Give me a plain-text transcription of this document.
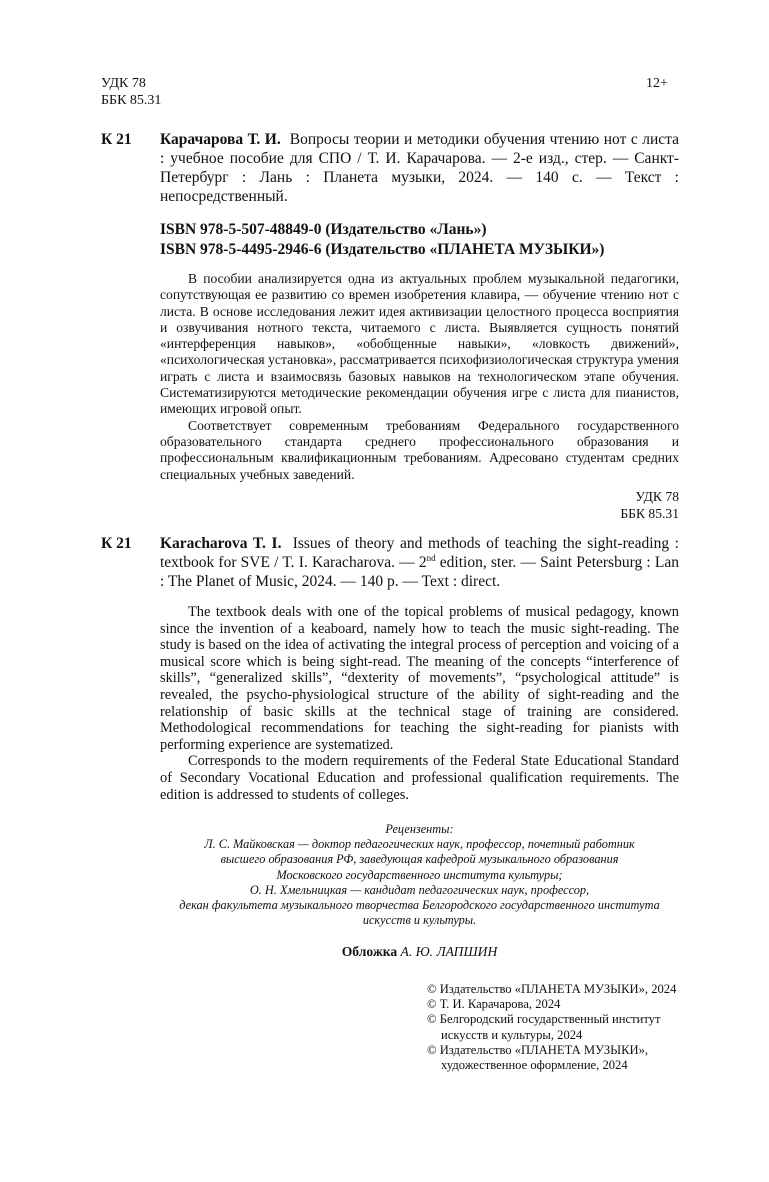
УДК 78
ББК 85.31
12+
К 21 Карачарова Т. И. Вопросы теории и методики обучения чтению нот с листа : учебное пособие для СПО / Т. И. Карачарова. — 2-е изд., стер. — Санкт-Петербург : Лань : Планета музыки, 2024. — 140 с. — Текст : непосредственный.
ISBN 978-5-507-48849-0 (Издательство «Лань»)
ISBN 978-5-4495-2946-6 (Издательство «ПЛАНЕТА МУЗЫКИ»)

В пособии анализируется одна из актуальных проблем музыкальной педагогики, сопутствующая ее развитию со времен изобретения клавира, — обучение чтению нот с листа. В основе исследования лежит идея активизации целостного процесса восприятия и озвучивания нотного текста, читаемого с листа. Выявляется сущность понятий «интерференция навыков», «обобщенные навыки», «ловкость движений», «психологическая установка», рассматривается психофизиологическая структура умения играть с листа и взаимосвязь базовых навыков на технологическом этапе обучения. Систематизируются методические рекомендации обучения игре с листа для пианистов, имеющих игровой опыт.

Соответствует современным требованиям Федерального государственного образовательного стандарта среднего профессионального образования и профессиональным квалификационным требованиям. Адресовано студентам средних специальных учебных заведений.

УДК 78
ББК 85.31
К 21 Karacharova T. I. Issues of theory and methods of teaching the sight-reading : textbook for SVE / T. I. Karacharova. — 2nd edition, ster. — Saint Petersburg : Lan : The Planet of Music, 2024. — 140 p. — Text : direct.

The textbook deals with one of the topical problems of musical pedagogy, known since the invention of a keaboard, namely how to teach the music sight-reading. The study is based on the idea of activating the integral process of perception and voicing of a musical score which is being sight-read. The meaning of the concepts “interference of skills”, “generalized skills”, “dexterity of movements”, “psychological attitude” is revealed, the psycho-physiological structure of the ability of sight-reading and the relationship of basic skills at the technical stage of training are considered. Methodological recommendations for teaching the sight-reading for pianists with performing experience are systematized.

Corresponds to the modern requirements of the Federal State Educational Standard of Secondary Vocational Education and professional qualification requirements. The edition is addressed to students of colleges.

Рецензенты:
Л. С. Майковская — доктор педагогических наук, профессор, почетный работник
высшего образования РФ, заведующая кафедрой музыкального образования
Московского государственного института культуры;
О. Н. Хмельницкая — кандидат педагогических наук, профессор,
декан факультета музыкального творчества Белгородского государственного института
искусств и культуры.
Обложка А. Ю. ЛАПШИН
© Издательство «ПЛАНЕТА МУЗЫКИ», 2024
© Т. И. Карачарова, 2024
© Белгородский государственный институт
искусств и культуры, 2024
© Издательство «ПЛАНЕТА МУЗЫКИ»,
художественное оформление, 2024
